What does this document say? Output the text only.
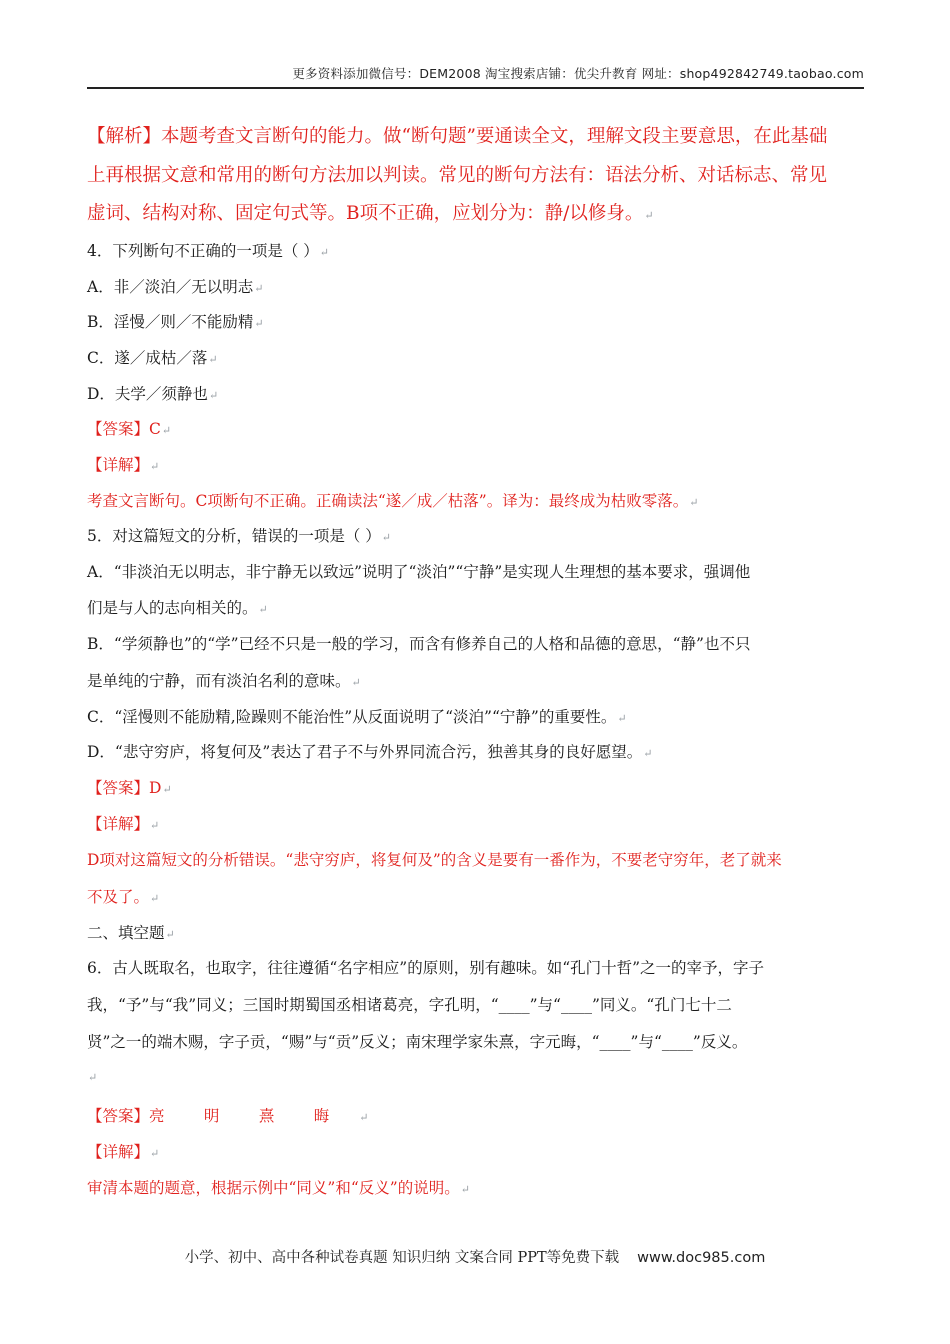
更多资料添加微信号：DEM2008 淘宝搜索店铺：优尖升教育 网址：shop492842749.taobao.com
【解析】本题考查文言断句的能力。做“断句题”要通读全文，理解文段主要意思，在此基础
上再根据文意和常用的断句方法加以判读。常见的断句方法有：语法分析、对话标志、常见
虚词、结构对称、固定句式等。B项不正确，应划分为：静/以修身。↵
4．下列断句不正确的一项是（ ）↵
A．非／淡泊／无以明志↵
B．淫慢／则／不能励精↵
C．遂／成枯／落↵
D．夫学／须静也↵
【答案】C↵
【详解】↵
考查文言断句。C项断句不正确。正确读法“遂／成／枯落”。译为：最终成为枯败零落。↵
5．对这篇短文的分析，错误的一项是（ ）↵
A．“非淡泊无以明志，非宁静无以致远”说明了“淡泊”“宁静”是实现人生理想的基本要求，强调他
们是与人的志向相关的。↵
B．“学须静也”的“学”已经不只是一般的学习，而含有修养自己的人格和品德的意思，“静”也不只
是单纯的宁静，而有淡泊名利的意味。↵
C．“淫慢则不能励精,险躁则不能治性”从反面说明了“淡泊”“宁静”的重要性。↵
D．“悲守穷庐，将复何及”表达了君子不与外界同流合污，独善其身的良好愿望。↵
【答案】D↵
【详解】↵
D项对这篇短文的分析错误。“悲守穷庐，将复何及”的含义是要有一番作为，不要老守穷年，老了就来
不及了。↵
二、填空题↵
6．古人既取名，也取字，往往遵循“名字相应”的原则，别有趣味。如“孔门十哲”之一的宰予，字子
我，“予”与“我”同义；三国时期蜀国丞相诸葛亮，字孔明，“____”与“____”同义。“孔门七十二
贤”之一的端木赐，字子贡，“赐”与“贡”反义；南宋理学家朱熹，字元晦，“____”与“____”反义。
↵
【答案】亮        明        熹        晦	↵
【详解】↵
审清本题的题意，根据示例中“同义”和“反义”的说明。↵
小学、初中、高中各种试卷真题 知识归纳 文案合同 PPT等免费下载 www.doc985.com
